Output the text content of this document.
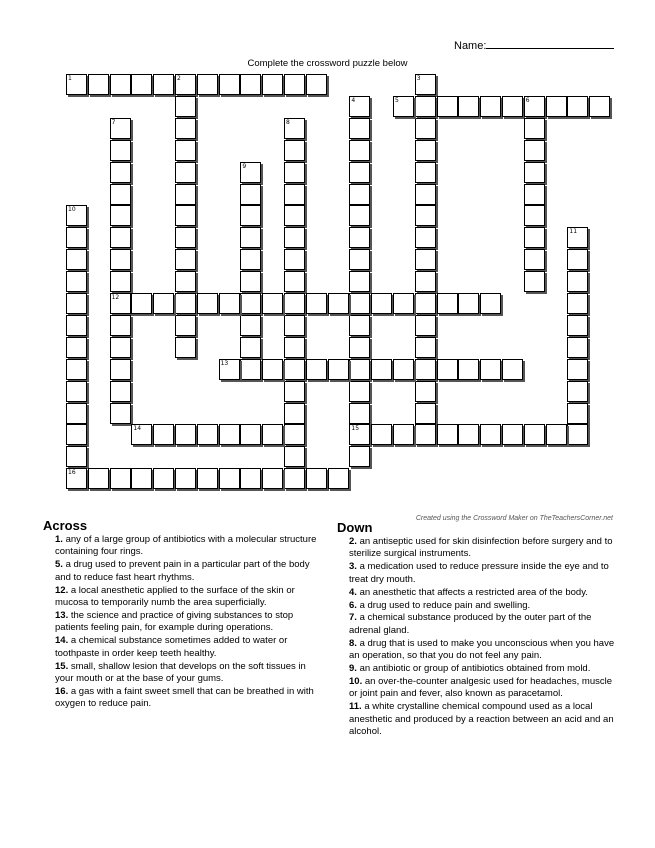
Name:
Complete the crossword puzzle below
1	2	3
4
15
5	6
7
12
8
9
10
16
11
13
14
Created using the Crossword Maker on TheTeachersCorner.net
Across
1. any of a large group of antibiotics with a molecular structure containing four rings.
5. a drug used to prevent pain in a particular part of the body and to reduce fast heart rhythms.
12. a local anesthetic applied to the surface of the skin or mucosa to temporarily numb the area superficially.
13. the science and practice of giving substances to stop patients feeling pain, for example during operations.
14. a chemical substance sometimes added to water or toothpaste in order keep teeth healthy.
15. small, shallow lesion that develops on the soft tissues in your mouth or at the base of your gums.
16. a gas with a faint sweet smell that can be breathed in with oxygen to reduce pain.
Down
2. an antiseptic used for skin disinfection before surgery and to sterilize surgical instruments.
3. a medication used to reduce pressure inside the eye and to treat dry mouth.
4. an anesthetic that affects a restricted area of the body.
6. a drug used to reduce pain and swelling.
7. a chemical substance produced by the outer part of the adrenal gland.
8. a drug that is used to make you unconscious when you have an operation, so that you do not feel any pain.
9. an antibiotic or group of antibiotics obtained from mold.
10. an over-the-counter analgesic used for headaches, muscle or joint pain and fever, also known as paracetamol.
11. a white crystalline chemical compound used as a local anesthetic and produced by a reaction between an acid and an alcohol.
